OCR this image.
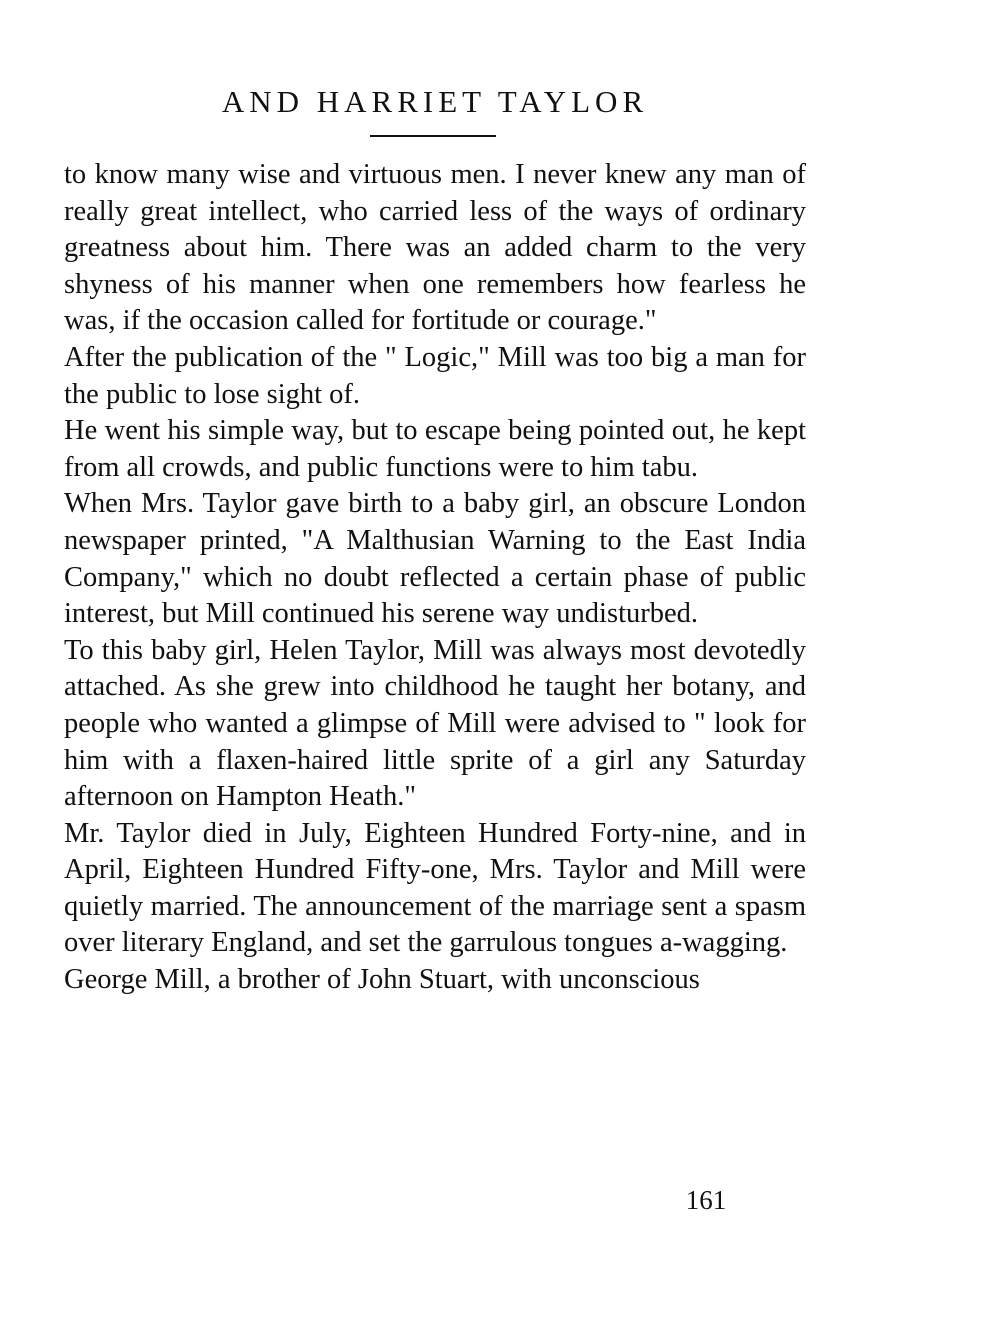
AND HARRIET TAYLOR

to know many wise and virtuous men. I never knew any man of really great intellect, who carried less of the ways of ordinary greatness about him. There was an added charm to the very shyness of his manner when one remembers how fearless he was, if the occasion called for fortitude or courage."

After the publication of the " Logic," Mill was too big a man for the public to lose sight of.

He went his simple way, but to escape being pointed out, he kept from all crowds, and public functions were to him tabu.

When Mrs. Taylor gave birth to a baby girl, an obscure London newspaper printed, "A Malthusian Warning to the East India Company," which no doubt reflected a certain phase of public interest, but Mill continued his serene way undisturbed.

To this baby girl, Helen Taylor, Mill was always most devotedly attached. As she grew into childhood he taught her botany, and people who wanted a glimpse of Mill were advised to " look for him with a flaxen-haired little sprite of a girl any Saturday afternoon on Hampton Heath."

Mr. Taylor died in July, Eighteen Hundred Forty-nine, and in April, Eighteen Hundred Fifty-one, Mrs. Taylor and Mill were quietly married. The announcement of the marriage sent a spasm over literary England, and set the garrulous tongues a-wagging.

George Mill, a brother of John Stuart, with unconscious

161
